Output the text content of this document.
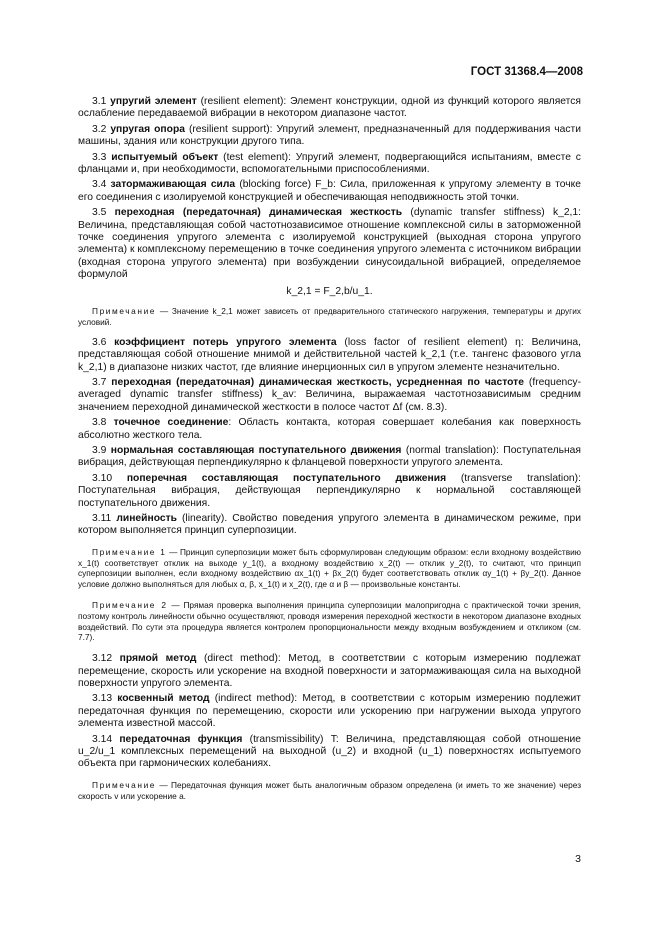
ГОСТ 31368.4—2008

3.1 упругий элемент (resilient element): Элемент конструкции, одной из функций которого является ослабление передаваемой вибрации в некотором диапазоне частот.

3.2 упругая опора (resilient support): Упругий элемент, предназначенный для поддерживания части машины, здания или конструкции другого типа.

3.3 испытуемый объект (test element): Упругий элемент, подвергающийся испытаниям, вместе с фланцами и, при необходимости, вспомогательными приспособлениями.

3.4 затормаживающая сила (blocking force) F_b: Сила, приложенная к упругому элементу в точке его соединения с изолируемой конструкцией и обеспечивающая неподвижность этой точки.

3.5 переходная (передаточная) динамическая жесткость (dynamic transfer stiffness) k_2,1: Величина, представляющая собой частотнозависимое отношение комплексной силы в заторможенной точке соединения упругого элемента с изолируемой конструкцией (выходная сторона упругого элемента) к комплексному перемещению в точке соединения упругого элемента с источником вибрации (входная сторона упругого элемента) при возбуждении синусоидальной вибрацией, определяемое формулой

k_2,1 = F_2,b/u_1.

Примечание — Значение k_2,1 может зависеть от предварительного статического нагружения, температуры и других условий.

3.6 коэффициент потерь упругого элемента (loss factor of resilient element) η: Величина, представляющая собой отношение мнимой и действительной частей k_2,1 (т.е. тангенс фазового угла k_2,1) в диапазоне низких частот, где влияние инерционных сил в упругом элементе незначительно.

3.7 переходная (передаточная) динамическая жесткость, усредненная по частоте (frequency-averaged dynamic transfer stiffness) k_av: Величина, выражаемая частотнозависимым средним значением переходной динамической жесткости в полосе частот Δf (см. 8.3).

3.8 точечное соединение: Область контакта, которая совершает колебания как поверхность абсолютно жесткого тела.

3.9 нормальная составляющая поступательного движения (normal translation): Поступательная вибрация, действующая перпендикулярно к фланцевой поверхности упругого элемента.

3.10 поперечная составляющая поступательного движения (transverse translation): Поступательная вибрация, действующая перпендикулярно к нормальной составляющей поступательного движения.

3.11 линейность (linearity). Свойство поведения упругого элемента в динамическом режиме, при котором выполняется принцип суперпозиции.

Примечание 1 — Принцип суперпозиции может быть сформулирован следующим образом: если входному воздействию x_1(t) соответствует отклик на выходе y_1(t), а входному воздействию x_2(t) — отклик y_2(t), то считают, что принцип суперпозиции выполнен, если входному воздействию αx_1(t) + βx_2(t) будет соответствовать отклик αy_1(t) + βy_2(t). Данное условие должно выполняться для любых α, β, x_1(t) и x_2(t), где α и β — произвольные константы.

Примечание 2 — Прямая проверка выполнения принципа суперпозиции малопригодна с практической точки зрения, поэтому контроль линейности обычно осуществляют, проводя измерения переходной жесткости в некотором диапазоне входных воздействий. По сути эта процедура является контролем пропорциональности между входным возбуждением и откликом (см. 7.7).

3.12 прямой метод (direct method): Метод, в соответствии с которым измерению подлежат перемещение, скорость или ускорение на входной поверхности и затормаживающая сила на выходной поверхности упругого элемента.

3.13 косвенный метод (indirect method): Метод, в соответствии с которым измерению подлежит передаточная функция по перемещению, скорости или ускорению при нагружении выхода упругого элемента известной массой.

3.14 передаточная функция (transmissibility) T: Величина, представляющая собой отношение u_2/u_1 комплексных перемещений на выходной (u_2) и входной (u_1) поверхностях испытуемого объекта при гармонических колебаниях.

Примечание — Передаточная функция может быть аналогичным образом определена (и иметь то же значение) через скорость v или ускорение a.

3
